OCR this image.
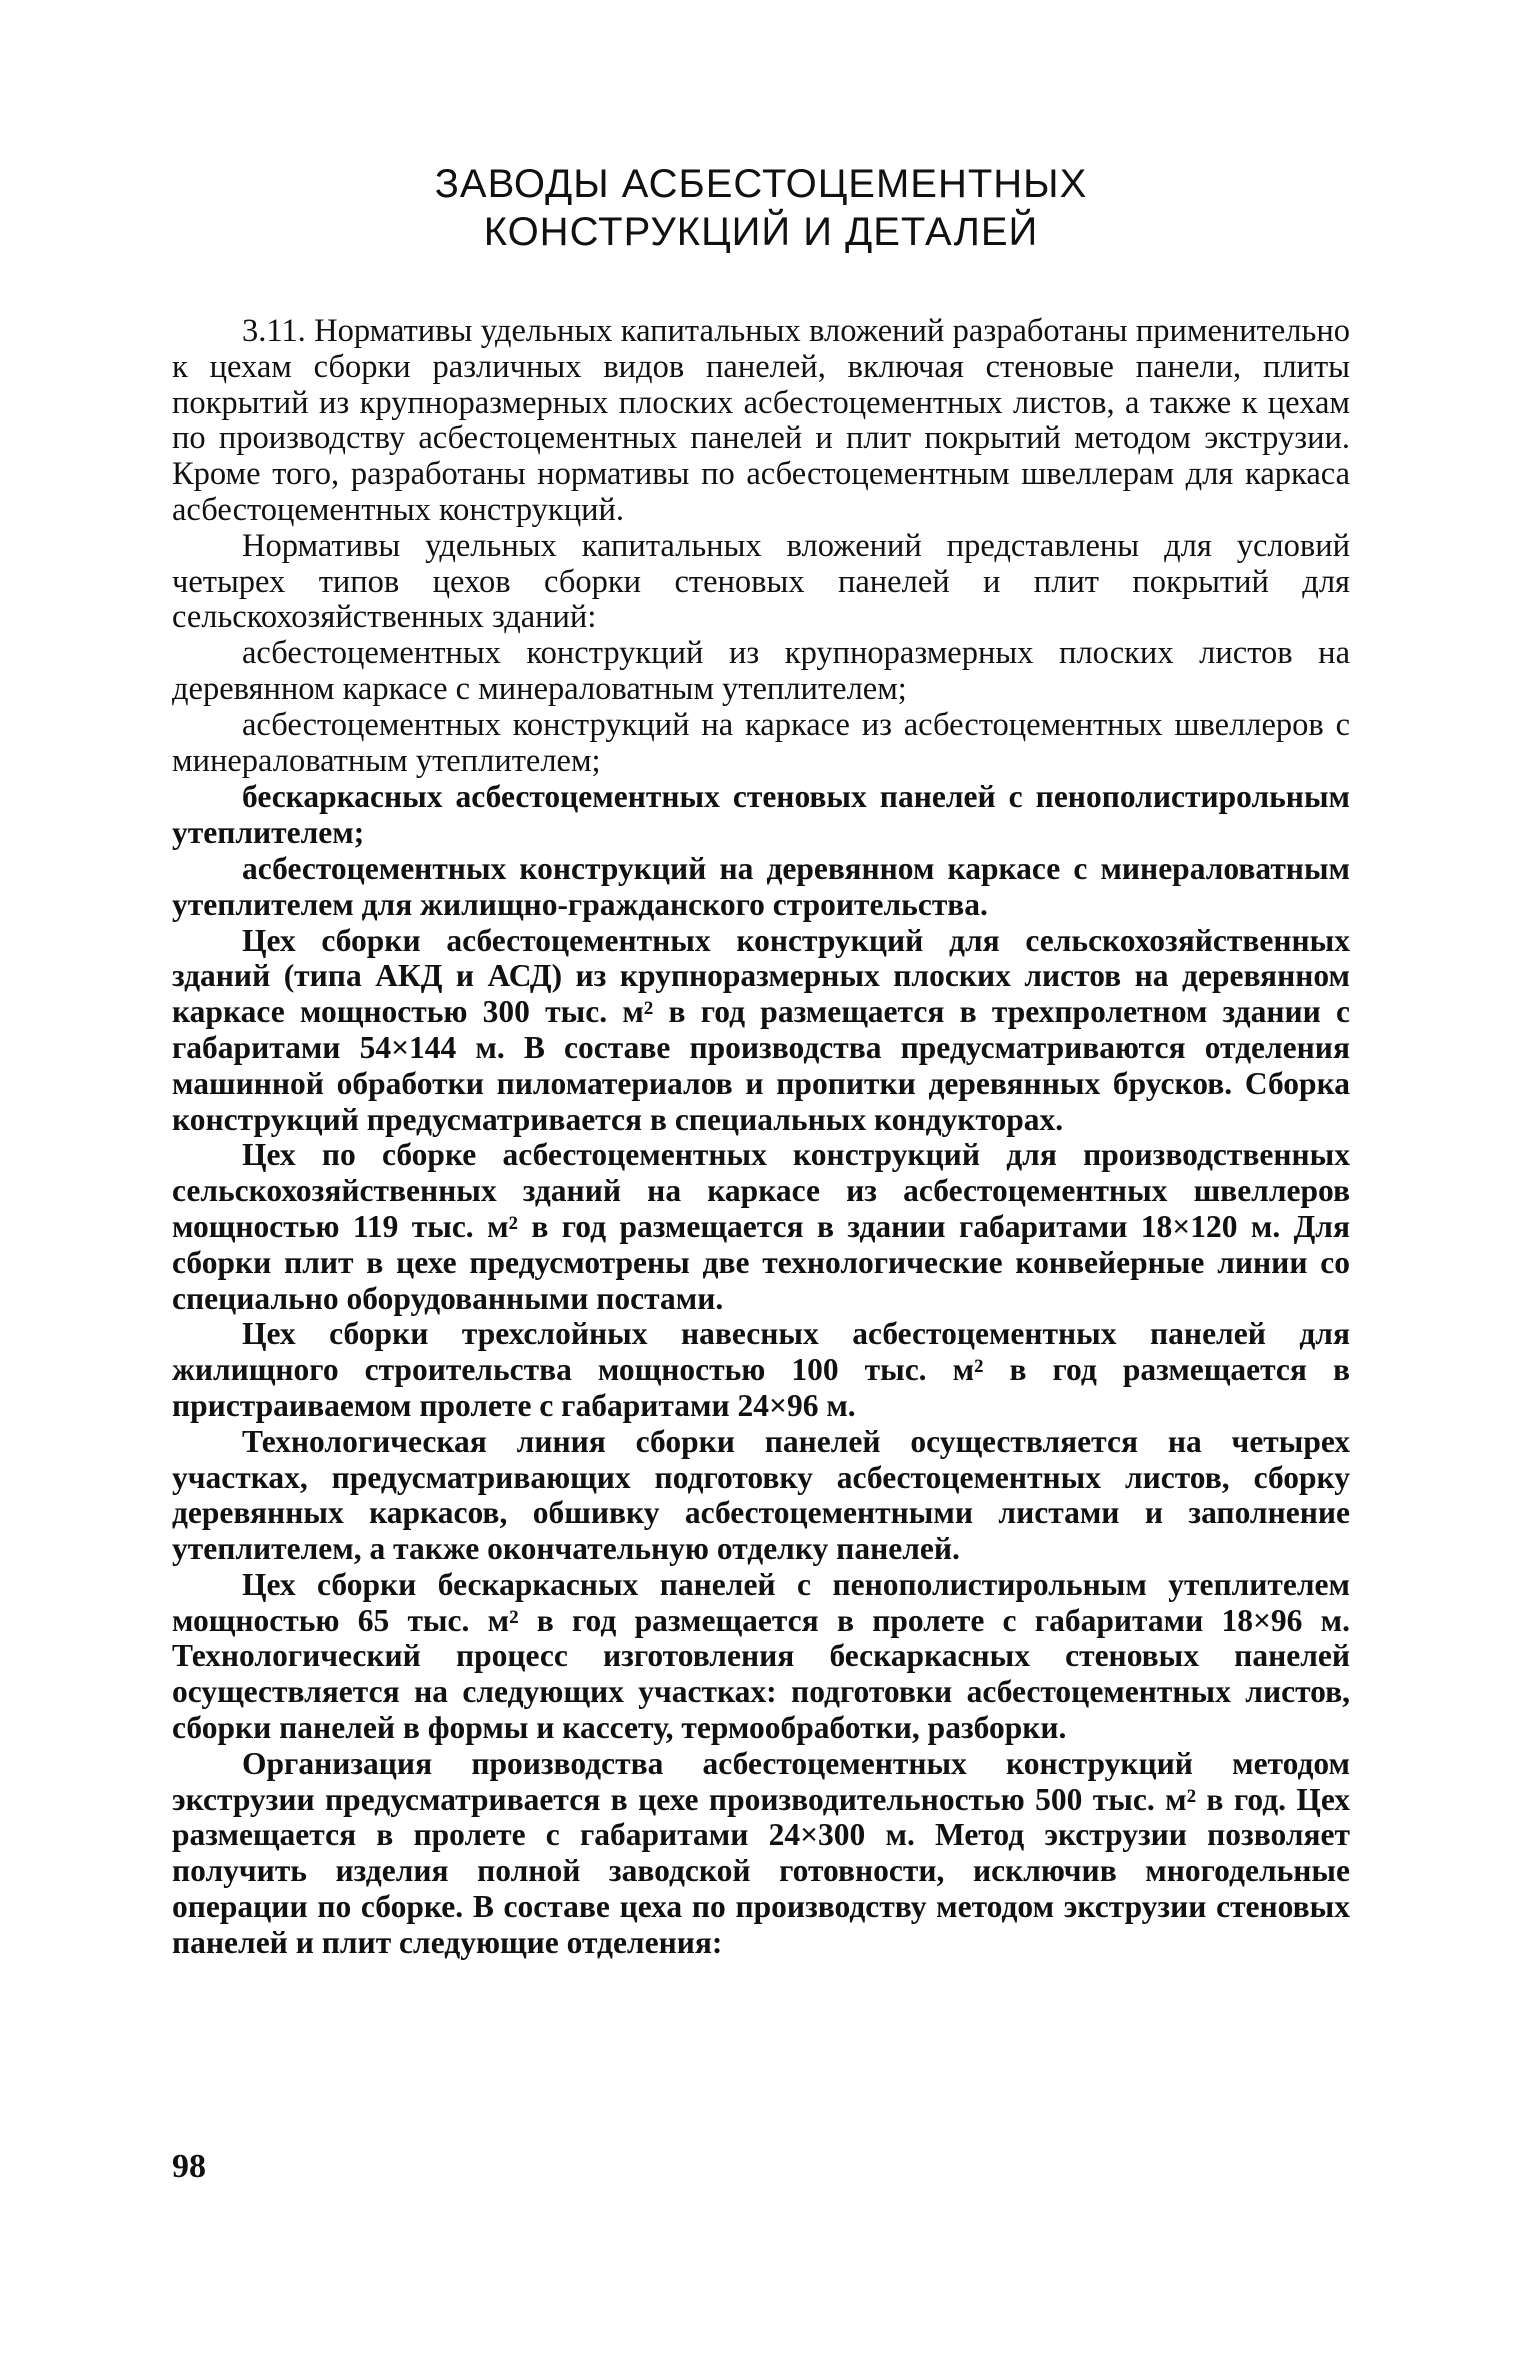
ЗАВОДЫ АСБЕСТОЦЕМЕНТНЫХ
КОНСТРУКЦИЙ И ДЕТАЛЕЙ

3.11. Нормативы удельных капитальных вложений разработаны применительно к цехам сборки различных видов панелей, включая стеновые панели, плиты покрытий из крупноразмерных плоских асбестоцементных листов, а также к цехам по производству асбестоцементных панелей и плит покрытий методом экструзии. Кроме того, разработаны нормативы по асбестоцементным швеллерам для каркаса асбестоцементных конструкций.

Нормативы удельных капитальных вложений представлены для условий четырех типов цехов сборки стеновых панелей и плит покрытий для сельскохозяйственных зданий:

асбестоцементных конструкций из крупноразмерных плоских листов на деревянном каркасе с минераловатным утеплителем;

асбестоцементных конструкций на каркасе из асбестоцементных швеллеров с минераловатным утеплителем;

бескаркасных асбестоцементных стеновых панелей с пенополистирольным утеплителем;

асбестоцементных конструкций на деревянном каркасе с минераловатным утеплителем для жилищно-гражданского строительства.

Цех сборки асбестоцементных конструкций для сельскохозяйственных зданий (типа АКД и АСД) из крупноразмерных плоских листов на деревянном каркасе мощностью 300 тыс. м² в год размещается в трехпролетном здании с габаритами 54×144 м. В составе производства предусматриваются отделения машинной обработки пиломатериалов и пропитки деревянных брусков. Сборка конструкций предусматривается в специальных кондукторах.

Цех по сборке асбестоцементных конструкций для производственных сельскохозяйственных зданий на каркасе из асбестоцементных швеллеров мощностью 119 тыс. м² в год размещается в здании габаритами 18×120 м. Для сборки плит в цехе предусмотрены две технологические конвейерные линии со специально оборудованными постами.

Цех сборки трехслойных навесных асбестоцементных панелей для жилищного строительства мощностью 100 тыс. м² в год размещается в пристраиваемом пролете с габаритами 24×96 м.

Технологическая линия сборки панелей осуществляется на четырех участках, предусматривающих подготовку асбестоцементных листов, сборку деревянных каркасов, обшивку асбестоцементными листами и заполнение утеплителем, а также окончательную отделку панелей.

Цех сборки бескаркасных панелей с пенополистирольным утеплителем мощностью 65 тыс. м² в год размещается в пролете с габаритами 18×96 м. Технологический процесс изготовления бескаркасных стеновых панелей осуществляется на следующих участках: подготовки асбестоцементных листов, сборки панелей в формы и кассету, термообработки, разборки.

Организация производства асбестоцементных конструкций методом экструзии предусматривается в цехе производительностью 500 тыс. м² в год. Цех размещается в пролете с габаритами 24×300 м. Метод экструзии позволяет получить изделия полной заводской готовности, исключив многодельные операции по сборке. В составе цеха по производству методом экструзии стеновых панелей и плит следующие отделения:

98
